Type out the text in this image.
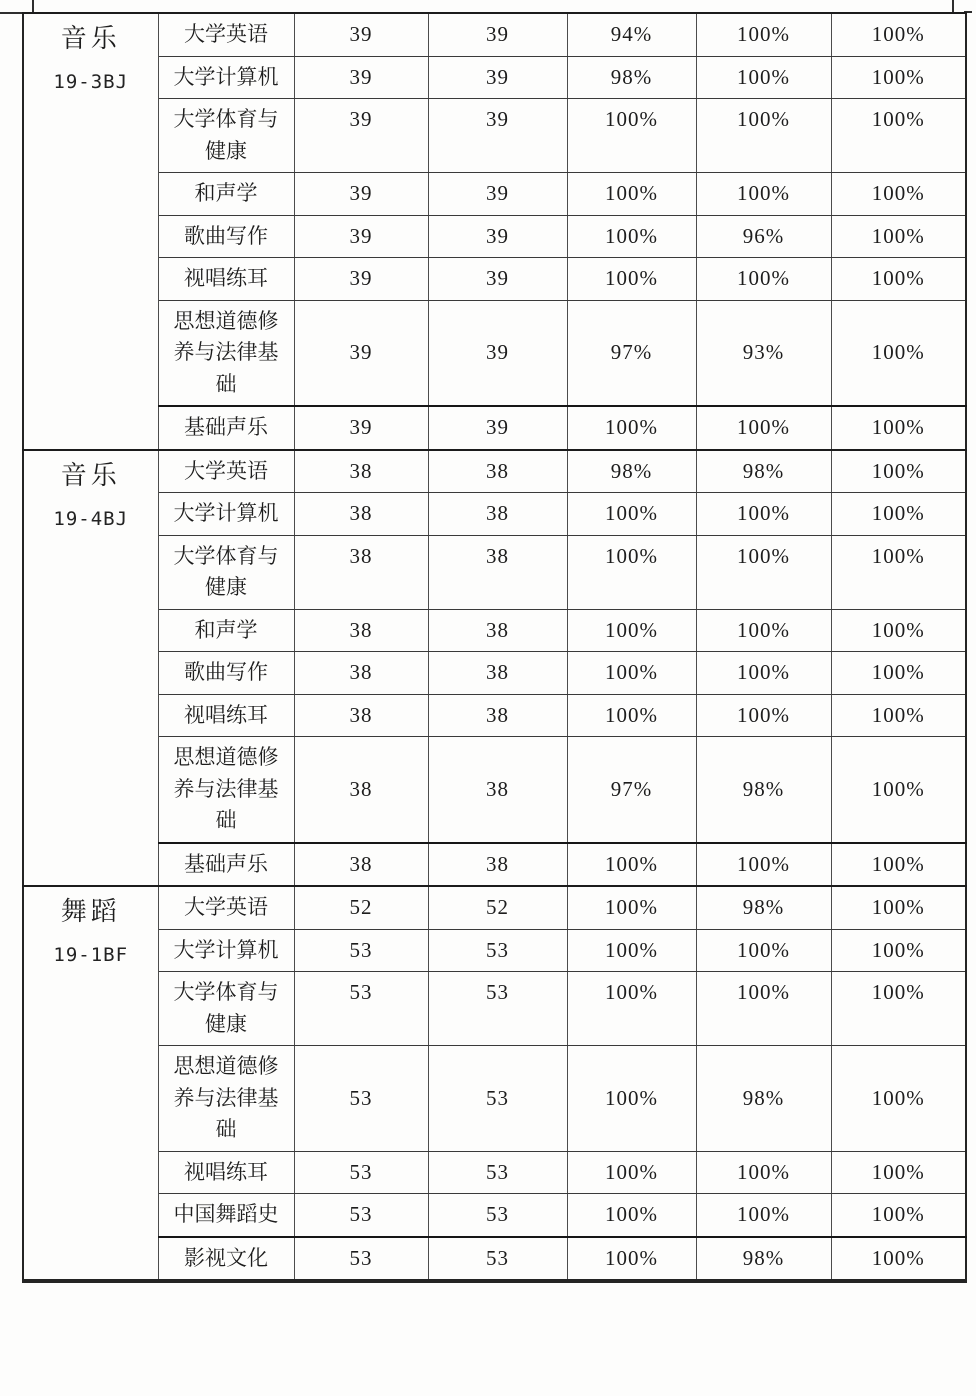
音乐
19-3BJ	大学英语	39	39	94%	100%	100%
	大学计算机	39	39	98%	100%	100%
	大学体育与健康	39	39	100%	100%	100%
	和声学	39	39	100%	100%	100%
	歌曲写作	39	39	100%	96%	100%
	视唱练耳	39	39	100%	100%	100%
	思想道德修养与法律基础	39	39	97%	93%	100%
	基础声乐	39	39	100%	100%	100%

音乐
19-4BJ	大学英语	38	38	98%	98%	100%
	大学计算机	38	38	100%	100%	100%
	大学体育与健康	38	38	100%	100%	100%
	和声学	38	38	100%	100%	100%
	歌曲写作	38	38	100%	100%	100%
	视唱练耳	38	38	100%	100%	100%
	思想道德修养与法律基础	38	38	97%	98%	100%
	基础声乐	38	38	100%	100%	100%

舞蹈
19-1BF	大学英语	52	52	100%	98%	100%
	大学计算机	53	53	100%	100%	100%
	大学体育与健康	53	53	100%	100%	100%
	思想道德修养与法律基础	53	53	100%	98%	100%
	视唱练耳	53	53	100%	100%	100%
	中国舞蹈史	53	53	100%	100%	100%
	影视文化	53	53	100%	98%	100%
